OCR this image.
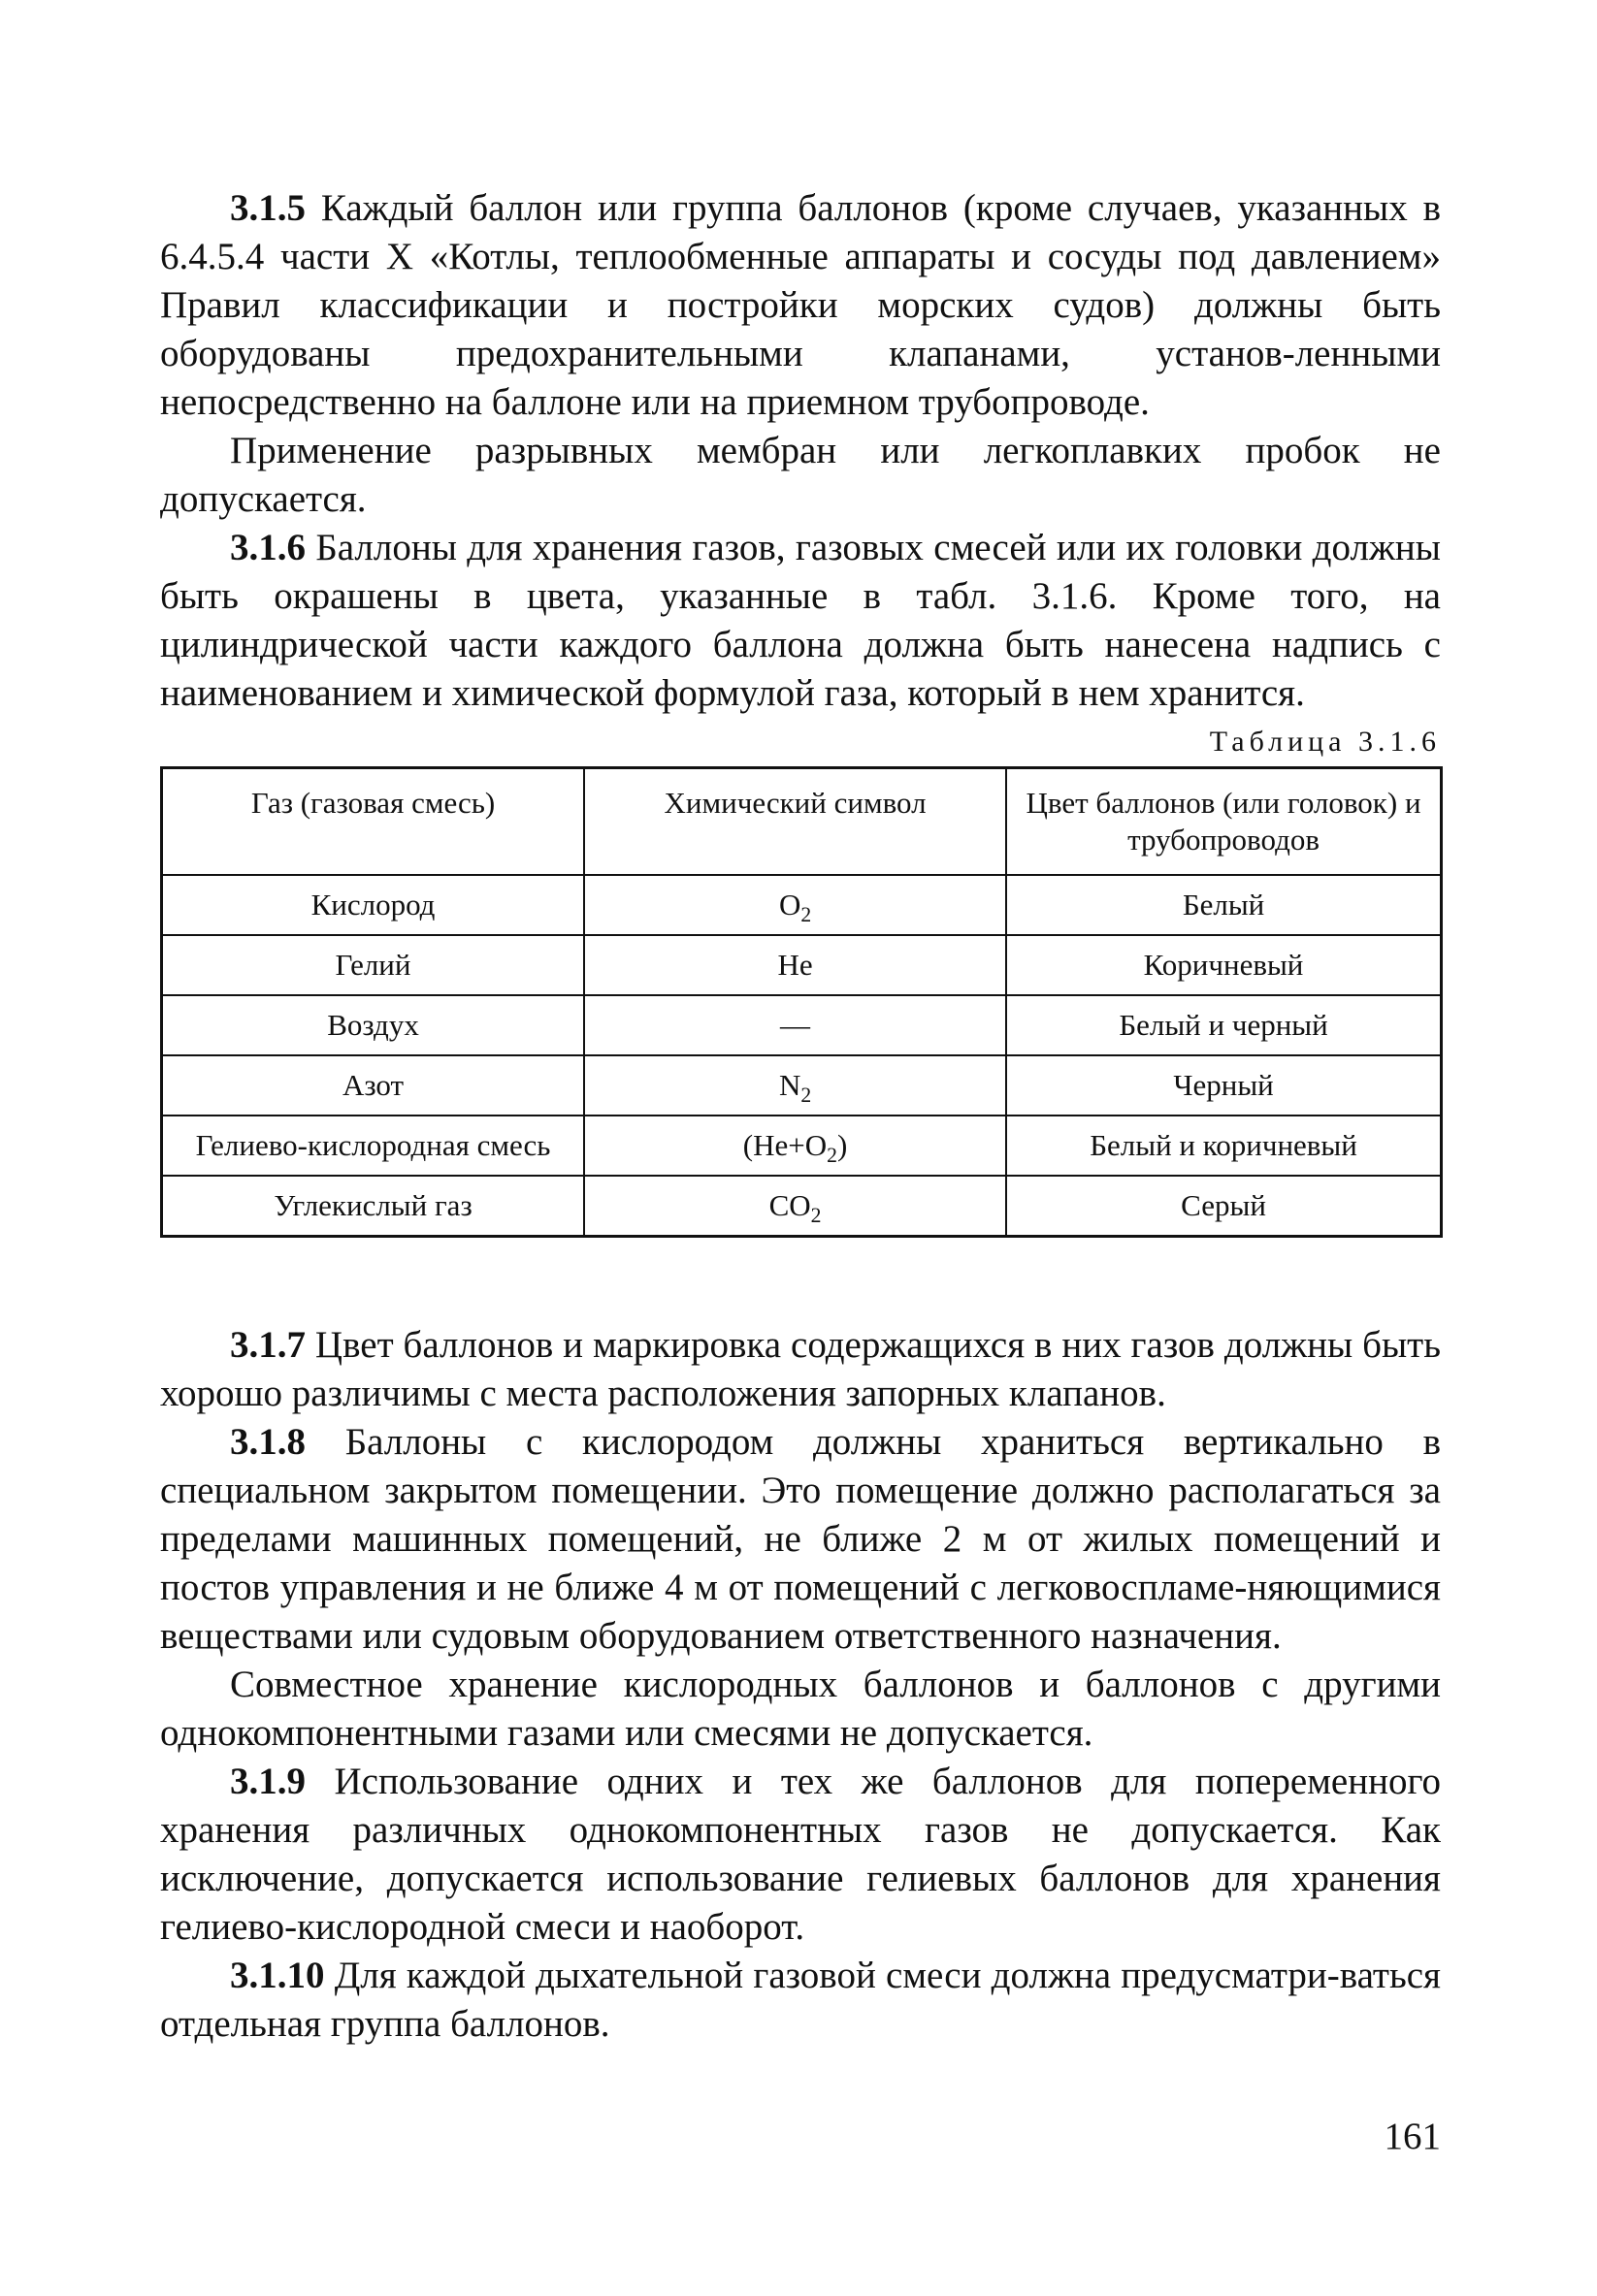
3.1.5 Каждый баллон или группа баллонов (кроме случаев, указанных в 6.4.5.4 части X «Котлы, теплообменные аппараты и сосуды под давлением» Правил классификации и постройки морских судов) должны быть оборудованы предохранительными клапанами, установ-ленными непосредственно на баллоне или на приемном трубопроводе.

Применение разрывных мембран или легкоплавких пробок не допускается.

3.1.6 Баллоны для хранения газов, газовых смесей или их головки должны быть окрашены в цвета, указанные в табл. 3.1.6. Кроме того, на цилиндрической части каждого баллона должна быть нанесена надпись с наименованием и химической формулой газа, который в нем хранится.

Таблица 3.1.6
Газ (газовая смесь)	Химический символ	Цвет баллонов (или головок) и трубопроводов
Кислород	$O_2$	Белый
Гелий	He	Коричневый
Воздух	—	Белый и черный
Азот	$N_2$	Черный
Гелиево-кислородная смесь	$(He+O_2)$	Белый и коричневый
Углекислый газ	$CO_2$	Серый

3.1.7 Цвет баллонов и маркировка содержащихся в них газов должны быть хорошо различимы с места расположения запорных клапанов.

3.1.8 Баллоны с кислородом должны храниться вертикально в специальном закрытом помещении. Это помещение должно располагаться за пределами машинных помещений, не ближе 2 м от жилых помещений и постов управления и не ближе 4 м от помещений с легковоспламе-няющимися веществами или судовым оборудованием ответственного назначения.

Совместное хранение кислородных баллонов и баллонов с другими однокомпонентными газами или смесями не допускается.

3.1.9 Использование одних и тех же баллонов для попеременного хранения различных однокомпонентных газов не допускается. Как исключение, допускается использование гелиевых баллонов для хранения гелиево-кислородной смеси и наоборот.

3.1.10 Для каждой дыхательной газовой смеси должна предусматри-ваться отдельная группа баллонов.

161
